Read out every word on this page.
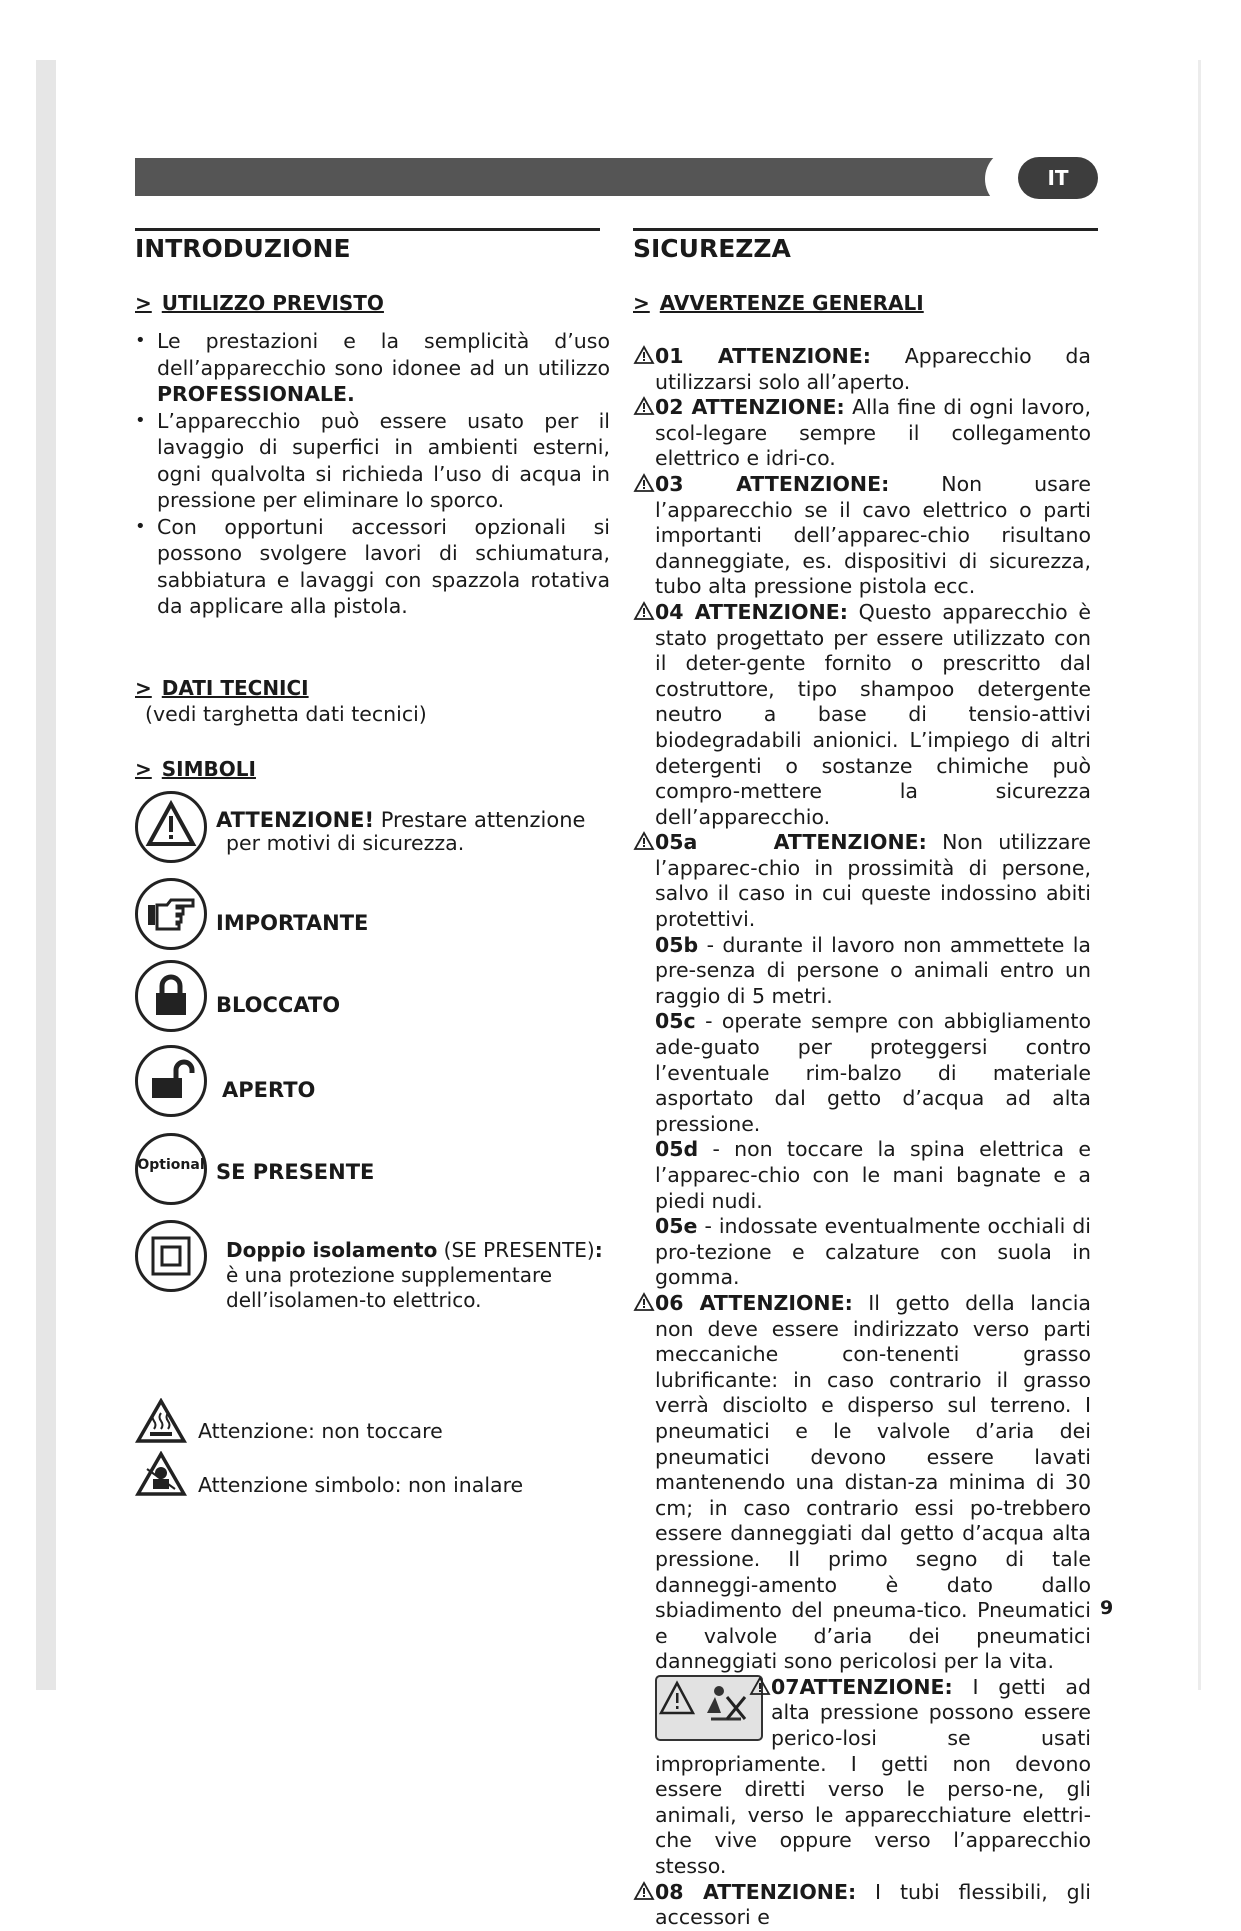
IT
INTRODUZIONE
> UTILIZZO PREVISTO
• Le prestazioni e la semplicità d’uso dell’apparecchio sono idonee ad un utilizzo PROFESSIONALE.
• L’apparecchio può essere usato per il lavaggio di superfici in ambienti esterni, ogni qualvolta si richieda l’uso di acqua in pressione per eliminare lo sporco.
• Con opportuni accessori opzionali si possono svolgere lavori di schiumatura, sabbiatura e lavaggi con spazzola rotativa da applicare alla pistola.
> DATI TECNICI
(vedi targhetta dati tecnici)
> SIMBOLI
ATTENZIONE! Prestare attenzione
per motivi di sicurezza.
IMPORTANTE
BLOCCATO
APERTO
Optional SE PRESENTE
Doppio isolamento (SE PRESENTE): è una protezione supplementare dell’isolamen-to elettrico.
Attenzione: non toccare
Attenzione simbolo: non inalare
SICUREZZA
> AVVERTENZE GENERALI
01 ATTENZIONE: Apparecchio da utilizzarsi solo all’aperto.
02 ATTENZIONE: Alla fine di ogni lavoro, scol-legare sempre il collegamento elettrico e idri-co.
03 ATTENZIONE: Non usare l’apparecchio se il cavo elettrico o parti importanti dell’apparec-chio risultano danneggiate, es. dispositivi di sicurezza, tubo alta pressione pistola ecc.
04 ATTENZIONE: Questo apparecchio è stato progettato per essere utilizzato con il deter-gente fornito o prescritto dal costruttore, tipo shampoo detergente neutro a base di tensio-attivi biodegradabili anionici. L’impiego di altri detergenti o sostanze chimiche può compro-mettere la sicurezza dell’apparecchio.
05a	ATTENZIONE: Non utilizzare l’apparec-chio in prossimità di persone, salvo il caso in cui queste indossino abiti protettivi.
05b - durante il lavoro non ammettete la pre-senza di persone o animali entro un raggio di 5 metri.
05c - operate sempre con abbigliamento ade-guato per proteggersi contro l’eventuale rim-balzo di materiale asportato dal getto d’acqua ad alta pressione.
05d - non toccare la spina elettrica e l’apparec-chio con le mani bagnate e a piedi nudi.
05e - indossate eventualmente occhiali di pro-tezione e calzature con suola in gomma.
06 ATTENZIONE: Il getto della lancia non deve essere indirizzato verso parti meccaniche con-tenenti grasso lubrificante: in caso contrario il grasso verrà disciolto e disperso sul terreno. I pneumatici e le valvole d’aria dei pneumatici devono essere lavati mantenendo una distan-za minima di 30 cm; in caso contrario essi po-trebbero essere danneggiati dal getto d’acqua alta pressione. Il primo segno di tale danneggi-amento è dato dallo sbiadimento del pneuma-tico. Pneumatici e valvole d’aria dei pneumatici danneggiati sono pericolosi per la vita.
07ATTENZIONE: I getti ad alta pressione possono essere perico-losi se usati impropriamente. I getti non devono essere diretti verso le perso-ne, gli animali, verso le apparecchiature elettri-che vive oppure verso l’apparecchio stesso.
08 ATTENZIONE: I tubi flessibili, gli accessori e
9
